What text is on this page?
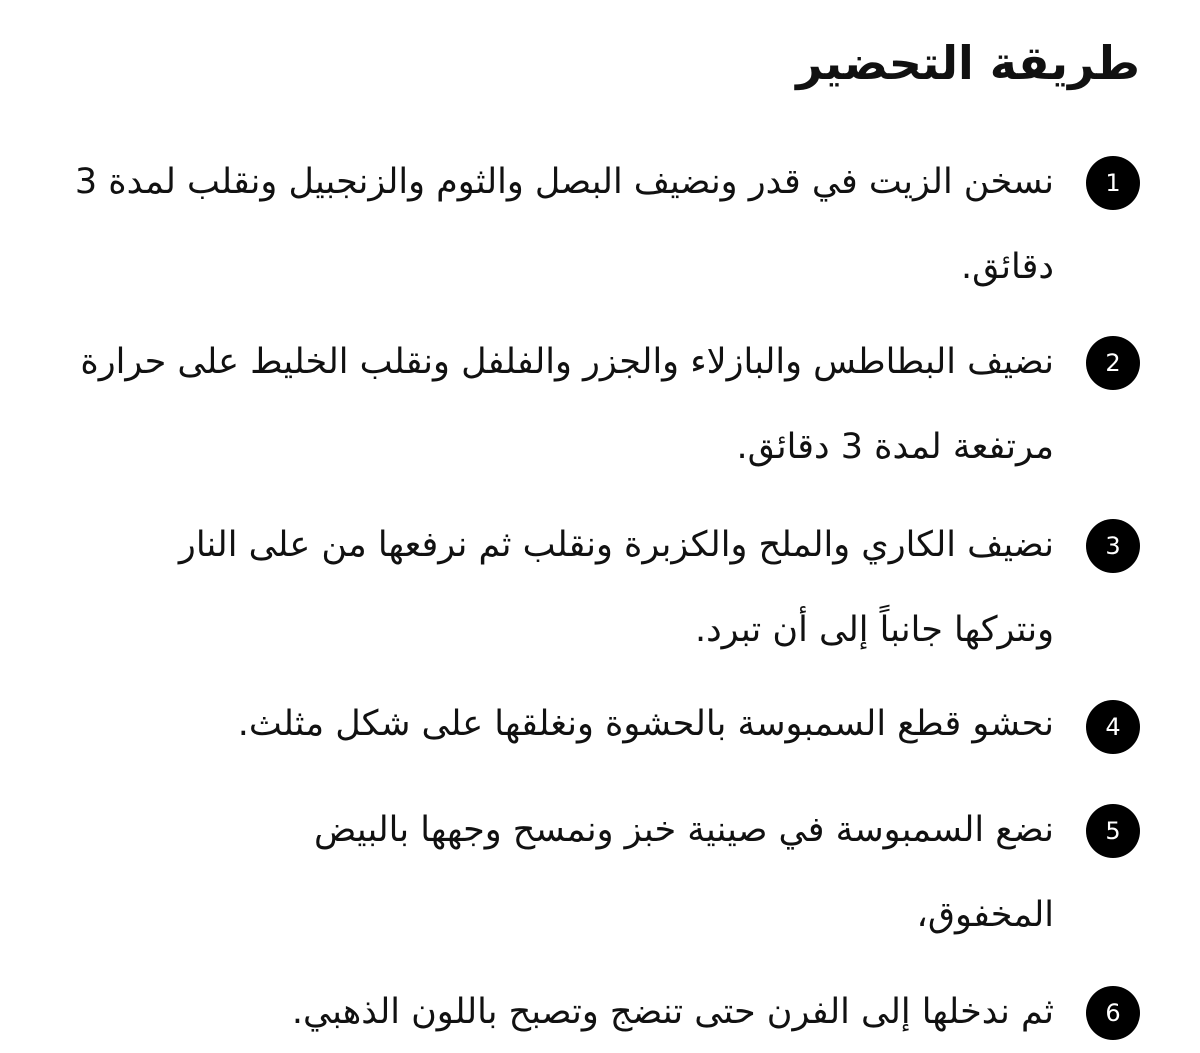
طريقة التحضير
1

نسخن الزيت في قدر ونضيف البصل والثوم والزنجبيل ونقلب لمدة 3 دقائق.

2

نضيف البطاطس والبازلاء والجزر والفلفل ونقلب الخليط على حرارة مرتفعة لمدة 3 دقائق.

3

نضيف الكاري والملح والكزبرة ونقلب ثم نرفعها من على النار ونتركها جانباً إلى أن تبرد.

4

نحشو قطع السمبوسة بالحشوة ونغلقها على شكل مثلث.

5

نضع السمبوسة في صينية خبز ونمسح وجهها بالبيض المخفوق،

6

ثم ندخلها إلى الفرن حتى تنضج وتصبح باللون الذهبي.
